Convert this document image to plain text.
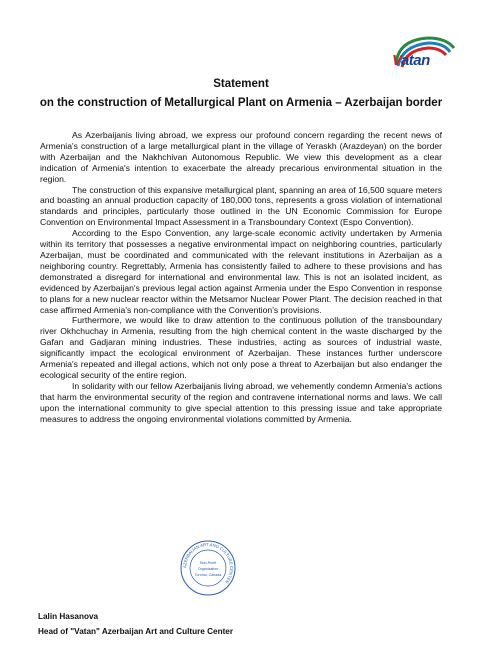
Vatan
Statement
on the construction of Metallurgical Plant on Armenia – Azerbaijan border

As Azerbaijanis living abroad, we express our profound concern regarding the recent news of Armenia's construction of a large metallurgical plant in the village of Yeraskh (Arazdeyan) on the border with Azerbaijan and the Nakhchivan Autonomous Republic. We view this development as a clear indication of Armenia's intention to exacerbate the already precarious environmental situation in the region.

The construction of this expansive metallurgical plant, spanning an area of 16,500 square meters and boasting an annual production capacity of 180,000 tons, represents a gross violation of international standards and principles, particularly those outlined in the UN Economic Commission for Europe Convention on Environmental Impact Assessment in a Transboundary Context (Espo Convention).

According to the Espo Convention, any large-scale economic activity undertaken by Armenia within its territory that possesses a negative environmental impact on neighboring countries, particularly Azerbaijan, must be coordinated and communicated with the relevant institutions in Azerbaijan as a neighboring country. Regrettably, Armenia has consistently failed to adhere to these provisions and has demonstrated a disregard for international and environmental law. This is not an isolated incident, as evidenced by Azerbaijan's previous legal action against Armenia under the Espo Convention in response to plans for a new nuclear reactor within the Metsamor Nuclear Power Plant. The decision reached in that case affirmed Armenia's non-compliance with the Convention's provisions.

Furthermore, we would like to draw attention to the continuous pollution of the transboundary river Okhchuchay in Armenia, resulting from the high chemical content in the waste discharged by the Gafan and Gadjaran mining industries. These industries, acting as sources of industrial waste, significantly impact the ecological environment of Azerbaijan. These instances further underscore Armenia's repeated and illegal actions, which not only pose a threat to Azerbaijan but also endanger the ecological security of the entire region.

In solidarity with our fellow Azerbaijanis living abroad, we vehemently condemn Armenia's actions that harm the environmental security of the region and contravene international norms and laws. We call upon the international community to give special attention to this pressing issue and take appropriate measures to address the ongoing environmental violations committed by Armenia.

AZERBAIJAN ART AND CULTURE CENTER
Non-Profit
Organization
Toronto, Canada
Lalin Hasanova
Head of "Vatan" Azerbaijan Art and Culture Center
